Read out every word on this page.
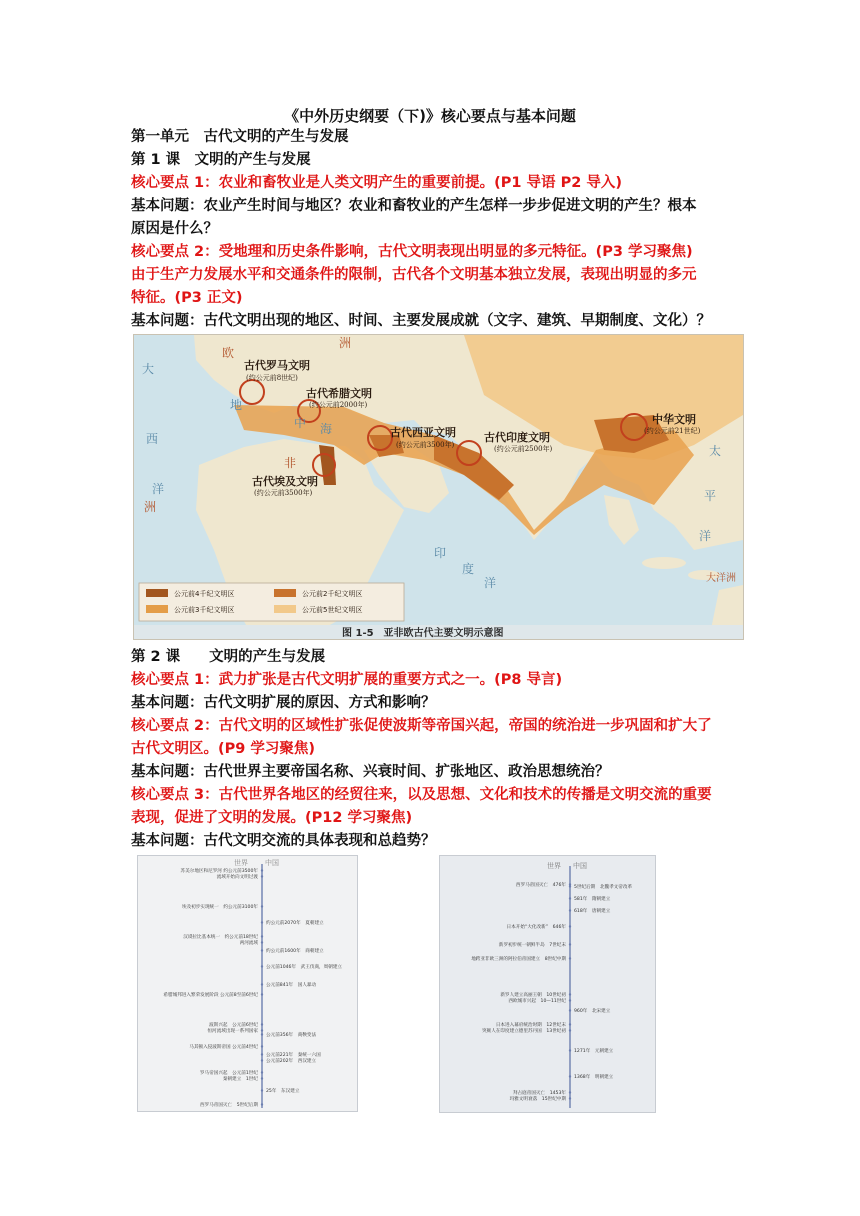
《中外历史纲要（下)》核心要点与基本问题
第一单元　古代文明的产生与发展
第 1 课　文明的产生与发展
核心要点 1：农业和畜牧业是人类文明产生的重要前提。(P1 导语 P2 导入)
基本问题：农业产生时间与地区？农业和畜牧业的产生怎样一步步促进文明的产生？根本
原因是什么？
核心要点 2：受地理和历史条件影响，古代文明表现出明显的多元特征。(P3 学习聚焦)
由于生产力发展水平和交通条件的限制，古代各个文明基本独立发展，表现出明显的多元
特征。(P3 正文)
基本问题：古代文明出现的地区、时间、主要发展成就（文字、建筑、早期制度、文化）？
欧
洲
非
大
西
洋
地
中 海
印
度
洋
太
平
洋
洲
大洋洲
古代罗马文明
(约公元前8世纪)
古代希腊文明
(约公元前2000年)
古代西亚文明
(约公元前3500年)
古代印度文明
(约公元前2500年)
中华文明
(约公元前21世纪)
古代埃及文明
(约公元前3500年)
公元前4千纪文明区
公元前3千纪文明区
公元前2千纪文明区
公元前5世纪文明区
图 1-5　亚非欧古代主要文明示意图
第 2 课　　文明的产生与发展
核心要点 1：武力扩张是古代文明扩展的重要方式之一。(P8 导言)
基本问题：古代文明扩展的原因、方式和影响？
核心要点 2：古代文明的区域性扩张促使波斯等帝国兴起，帝国的统治进一步巩固和扩大了
古代文明区。(P9 学习聚焦)
基本问题：古代世界主要帝国名称、兴衰时间、扩张地区、政治思想统治？
核心要点 3：古代世界各地区的经贸往来，以及思想、文化和技术的传播是文明交流的重要
表现，促进了文明的发展。(P12 学习聚焦)
基本问题：古代文明交流的具体表现和总趋势？
世界 中国
苏美尔地区和尼罗河 约公元前3500年
流域开始向文明过渡
埃及初步实现统一　约公元前3100年
汉谟拉比基本统一　约公元前18世纪
两河流域
希腊城邦进入繁荣发展阶段 公元前8至前6世纪
波斯兴起　公元前6世纪
恒河流域出现一系列国家
马其顿入侵波斯帝国 公元前4世纪
罗马帝国兴起　公元前1世纪
秦朝建立　1世纪
西罗马帝国灭亡　5世纪后期
约公元前2070年　夏朝建立
约公元前1600年　商朝建立
公元前1046年　武王伐商，周朝建立
公元前841年　国人暴动
公元前356年　商鞅变法
公元前221年　秦统一六国
公元前202年　西汉建立
25年　东汉建立
世界 中国
西罗马帝国灭亡　476年
日本开始“大化改新”　646年
新罗初步统一朝鲜半岛　7世纪末
地跨亚非欧三洲的阿拉伯帝国建立　8世纪中期
新罗人建立高丽王朝　10世纪初
西欧城市兴起　10—11世纪
日本进入幕府统治时期　12世纪末
突厥人在印度建立德里苏丹国　13世纪初
拜占庭帝国灭亡　1453年
玛雅文明衰落　15世纪中期
5世纪后期　北魏孝文帝改革
581年　隋朝建立
618年　唐朝建立
960年　北宋建立
1271年　元朝建立
1368年　明朝建立
